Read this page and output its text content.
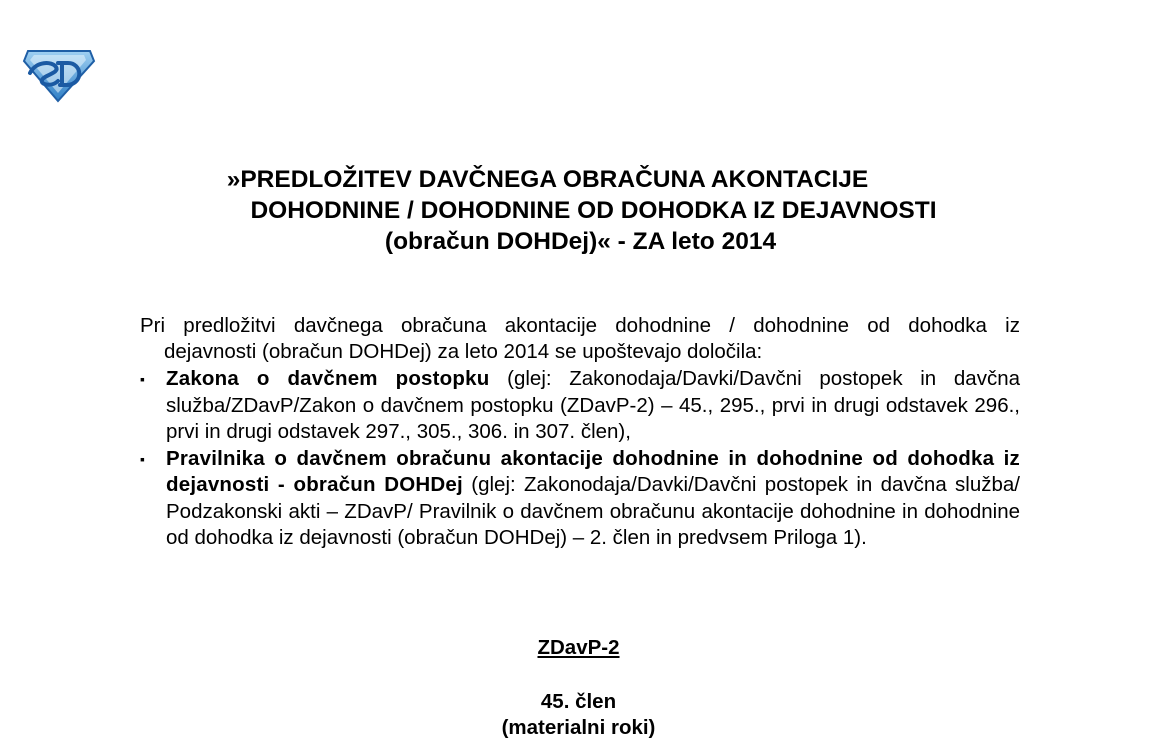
»PREDLOŽITEV DAVČNEGA OBRAČUNA AKONTACIJE
DOHODNINE / DOHODNINE OD DOHODKA IZ DEJAVNOSTI
(obračun DOHDej)« - ZA leto 2014
Pri predložitvi davčnega obračuna akontacije dohodnine / dohodnine od dohodka iz
dejavnosti (obračun DOHDej) za leto 2014 se upoštevajo določila:
▪ Zakona o davčnem postopku (glej: Zakonodaja/Davki/Davčni postopek in davčna služba/ZDavP/Zakon o davčnem postopku (ZDavP-2) – 45., 295., prvi in drugi odstavek 296., prvi in drugi odstavek 297., 305., 306. in 307. člen),
▪ Pravilnika o davčnem obračunu akontacije dohodnine in dohodnine od dohodka iz dejavnosti - obračun DOHDej (glej: Zakonodaja/Davki/Davčni postopek in davčna služba/ Podzakonski akti – ZDavP/ Pravilnik o davčnem obračunu akontacije dohodnine in dohodnine od dohodka iz dejavnosti (obračun DOHDej) – 2. člen in predvsem Priloga 1).
ZDavP-2
45. člen
(materialni roki)
